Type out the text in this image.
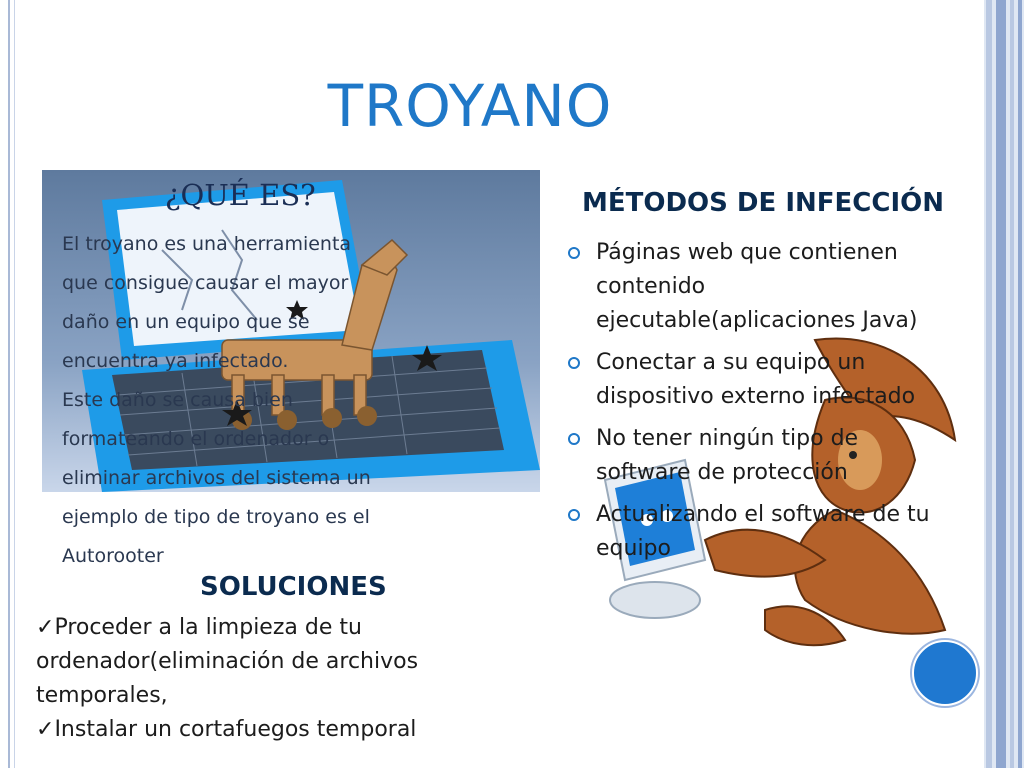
TROYANO
¿QUÉ ES?
El troyano es una herramienta
que consigue causar el mayor
daño en un equipo que se
encuentra ya infectado.
Este daño se causa bien
formateando el ordenador o
eliminar archivos del sistema un
ejemplo de tipo de troyano es el
Autorooter
SOLUCIONES

✓Proceder a la limpieza de tu ordenador(eliminación de archivos temporales,

✓Instalar un cortafuegos temporal

MÉTODOS DE INFECCIÓN
Páginas web que contienen contenido ejecutable(aplicaciones Java)
Conectar a su equipo un dispositivo externo infectado
No tener ningún tipo de software de protección
Actualizando el software de tu equipo
